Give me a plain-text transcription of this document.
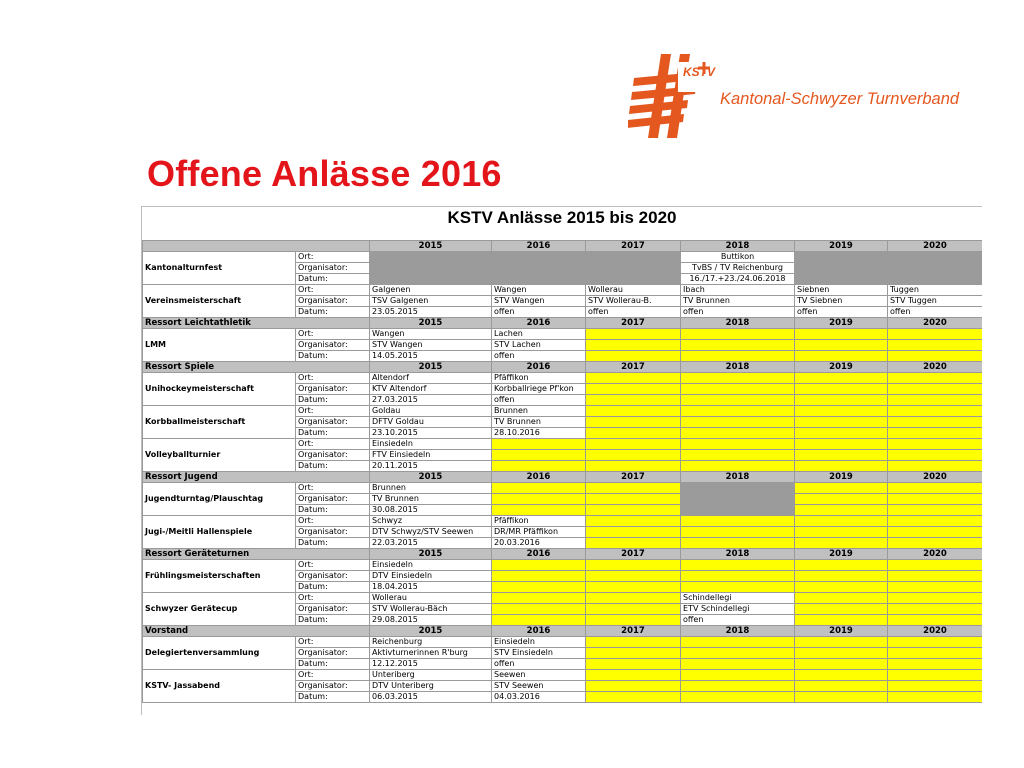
KSTV
Kantonal-Schwyzer Turnverband
Offene Anlässe 2016
KSTV Anlässe 2015 bis 2020
		2015	2016	2017	2018	2019	2020
Kantonalturnfest	Ort:				Buttikon		
	Organisator:				TvBS / TV Reichenburg		
	Datum:				16./17.+23./24.06.2018		
Vereinsmeisterschaft	Ort:	Galgenen	Wangen	Wollerau	Ibach	Siebnen	Tuggen
	Organisator:	TSV Galgenen	STV Wangen	STV Wollerau-B.	TV Brunnen	TV Siebnen	STV Tuggen
	Datum:	23.05.2015	offen	offen	offen	offen	offen
Ressort Leichtathletik		2015	2016	2017	2018	2019	2020
LMM	Ort:	Wangen	Lachen				
	Organisator:	STV Wangen	STV Lachen				
	Datum:	14.05.2015	offen				
Ressort Spiele		2015	2016	2017	2018	2019	2020
Unihockeymeisterschaft	Ort:	Altendorf	Pfäffikon				
	Organisator:	KTV Altendorf	Korbballriege Pf'kon				
	Datum:	27.03.2015	offen				
Korbballmeisterschaft	Ort:	Goldau	Brunnen				
	Organisator:	DFTV Goldau	TV Brunnen				
	Datum:	23.10.2015	28.10.2016				
Volleyballturnier	Ort:	Einsiedeln					
	Organisator:	FTV Einsiedeln					
	Datum:	20.11.2015					
Ressort Jugend		2015	2016	2017	2018	2019	2020
Jugendturntag/Plauschtag	Ort:	Brunnen					
	Organisator:	TV Brunnen					
	Datum:	30.08.2015					
Jugi-/Meitli Hallenspiele	Ort:	Schwyz	Pfäffikon				
	Organisator:	DTV Schwyz/STV Seewen	DR/MR Pfäffikon				
	Datum:	22.03.2015	20.03.2016				
Ressort Geräteturnen		2015	2016	2017	2018	2019	2020
Frühlingsmeisterschaften	Ort:	Einsiedeln					
	Organisator:	DTV Einsiedeln					
	Datum:	18.04.2015					
Schwyzer Gerätecup	Ort:	Wollerau			Schindellegi		
	Organisator:	STV Wollerau-Bäch			ETV Schindellegi		
	Datum:	29.08.2015			offen		
Vorstand		2015	2016	2017	2018	2019	2020
Delegiertenversammlung	Ort:	Reichenburg	Einsiedeln				
	Organisator:	Aktivturnerinnen R'burg	STV Einsiedeln				
	Datum:	12.12.2015	offen				
KSTV- Jassabend	Ort:	Unteriberg	Seewen				
	Organisator:	DTV Unteriberg	STV Seewen				
	Datum:	06.03.2015	04.03.2016				
